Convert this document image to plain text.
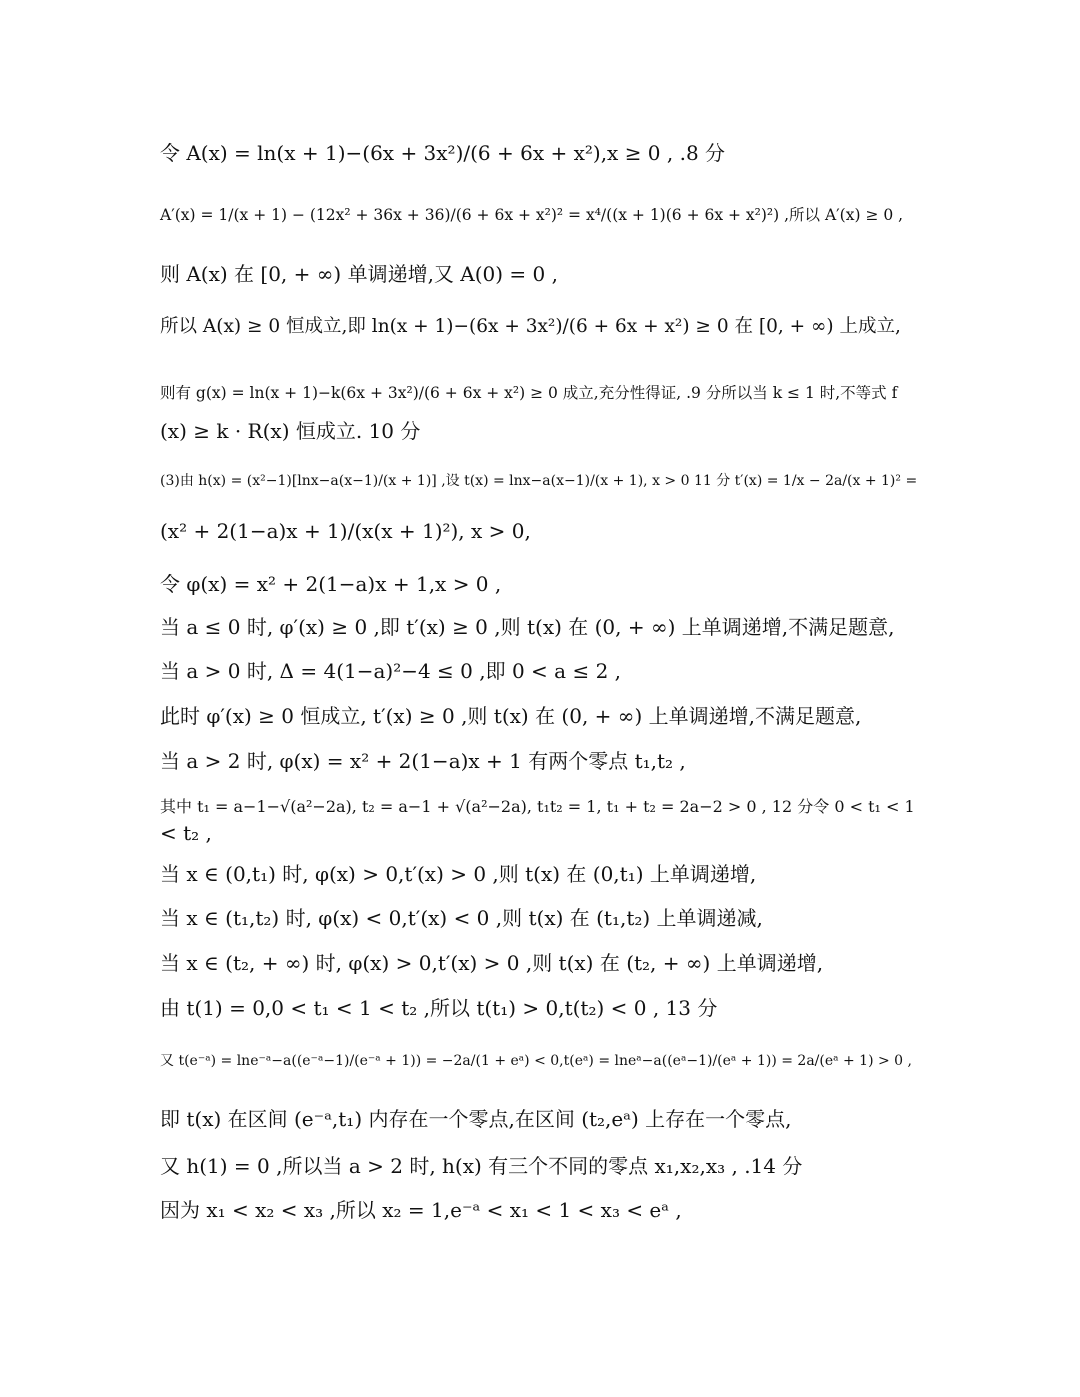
令 A(x) = ln(x + 1)−(6x + 3x²)/(6 + 6x + x²),x ≥ 0 , .8 分
A′(x) = 1/(x + 1) − (12x² + 36x + 36)/(6 + 6x + x²)² = x⁴/((x + 1)(6 + 6x + x²)²) ,所以 A′(x) ≥ 0 ,
则 A(x) 在 [0, + ∞) 单调递增,又 A(0) = 0 ,
所以 A(x) ≥ 0 恒成立,即 ln(x + 1)−(6x + 3x²)/(6 + 6x + x²) ≥ 0 在 [0, + ∞) 上成立,
则有 g(x) = ln(x + 1)−k(6x + 3x²)/(6 + 6x + x²) ≥ 0 成立,充分性得证, .9 分所以当 k ≤ 1 时,不等式 f
(x) ≥ k · R(x) 恒成立. 10 分
(3)由 h(x) = (x²−1)[lnx−a(x−1)/(x + 1)] ,设 t(x) = lnx−a(x−1)/(x + 1), x > 0 11 分 t′(x) = 1/x − 2a/(x + 1)² =
(x² + 2(1−a)x + 1)/(x(x + 1)²), x > 0,
令 φ(x) = x² + 2(1−a)x + 1,x > 0 ,
当 a ≤ 0 时, φ′(x) ≥ 0 ,即 t′(x) ≥ 0 ,则 t(x) 在 (0, + ∞) 上单调递增,不满足题意,
当 a > 0 时, Δ = 4(1−a)²−4 ≤ 0 ,即 0 < a ≤ 2 ,
此时 φ′(x) ≥ 0 恒成立, t′(x) ≥ 0 ,则 t(x) 在 (0, + ∞) 上单调递增,不满足题意,
当 a > 2 时, φ(x) = x² + 2(1−a)x + 1 有两个零点 t₁,t₂ ,
其中 t₁ = a−1−√(a²−2a), t₂ = a−1 + √(a²−2a), t₁t₂ = 1, t₁ + t₂ = 2a−2 > 0 , 12 分令 0 < t₁ < 1
< t₂ ,
当 x ∈ (0,t₁) 时, φ(x) > 0,t′(x) > 0 ,则 t(x) 在 (0,t₁) 上单调递增,
当 x ∈ (t₁,t₂) 时, φ(x) < 0,t′(x) < 0 ,则 t(x) 在 (t₁,t₂) 上单调递减,
当 x ∈ (t₂, + ∞) 时, φ(x) > 0,t′(x) > 0 ,则 t(x) 在 (t₂, + ∞) 上单调递增,
由 t(1) = 0,0 < t₁ < 1 < t₂ ,所以 t(t₁) > 0,t(t₂) < 0 , 13 分
又 t(e⁻ᵃ) = lne⁻ᵃ−a((e⁻ᵃ−1)/(e⁻ᵃ + 1)) = −2a/(1 + eᵃ) < 0,t(eᵃ) = lneᵃ−a((eᵃ−1)/(eᵃ + 1)) = 2a/(eᵃ + 1) > 0 ,
即 t(x) 在区间 (e⁻ᵃ,t₁) 内存在一个零点,在区间 (t₂,eᵃ) 上存在一个零点,
又 h(1) = 0 ,所以当 a > 2 时, h(x) 有三个不同的零点 x₁,x₂,x₃ , .14 分
因为 x₁ < x₂ < x₃ ,所以 x₂ = 1,e⁻ᵃ < x₁ < 1 < x₃ < eᵃ ,
